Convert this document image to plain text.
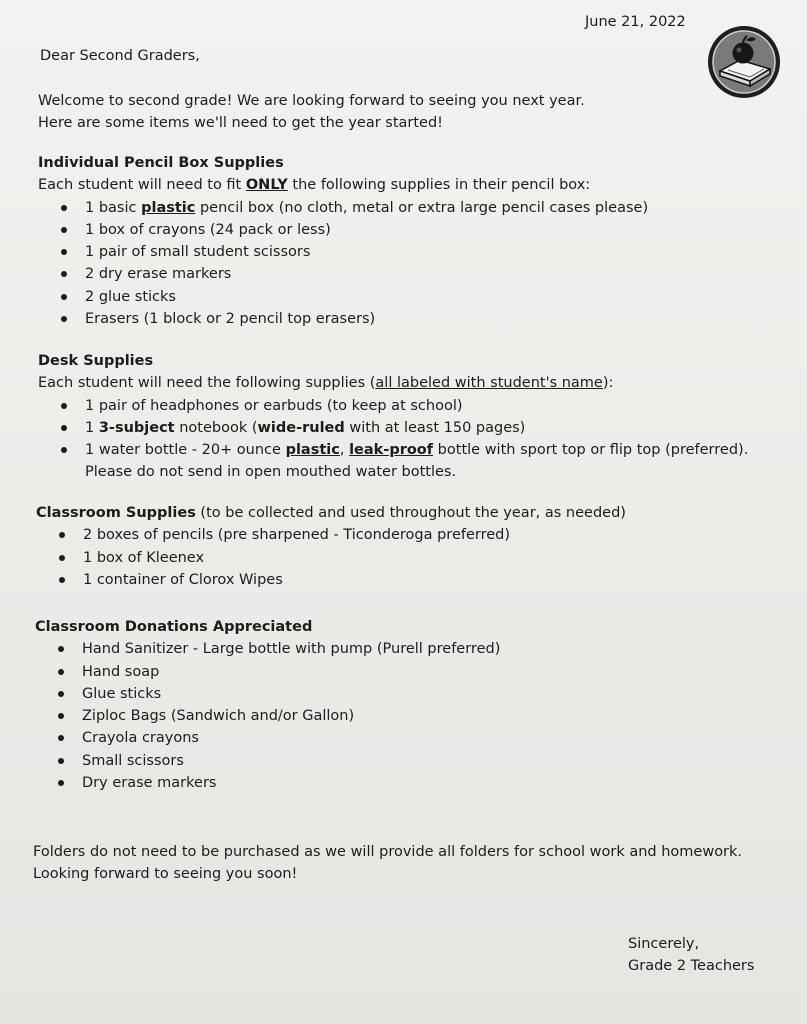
June 21, 2022
Dear Second Graders,
Welcome to second grade! We are looking forward to seeing you next year.
Here are some items we'll need to get the year started!
Individual Pencil Box Supplies
Each student will need to fit ONLY the following supplies in their pencil box:
1 basic plastic pencil box (no cloth, metal or extra large pencil cases please)
1 box of crayons (24 pack or less)
1 pair of small student scissors
2 dry erase markers
2 glue sticks
Erasers (1 block or 2 pencil top erasers)
Desk Supplies
Each student will need the following supplies (all labeled with student's name):
1 pair of headphones or earbuds (to keep at school)
1 3-subject notebook (wide-ruled with at least 150 pages)
1 water bottle - 20+ ounce plastic, leak-proof bottle with sport top or flip top (preferred).
Please do not send in open mouthed water bottles.
Classroom Supplies (to be collected and used throughout the year, as needed)
2 boxes of pencils (pre sharpened - Ticonderoga preferred)
1 box of Kleenex
1 container of Clorox Wipes
Classroom Donations Appreciated
Hand Sanitizer - Large bottle with pump (Purell preferred)
Hand soap
Glue sticks
Ziploc Bags (Sandwich and/or Gallon)
Crayola crayons
Small scissors
Dry erase markers
Folders do not need to be purchased as we will provide all folders for school work and homework.
Looking forward to seeing you soon!
Sincerely,
Grade 2 Teachers
